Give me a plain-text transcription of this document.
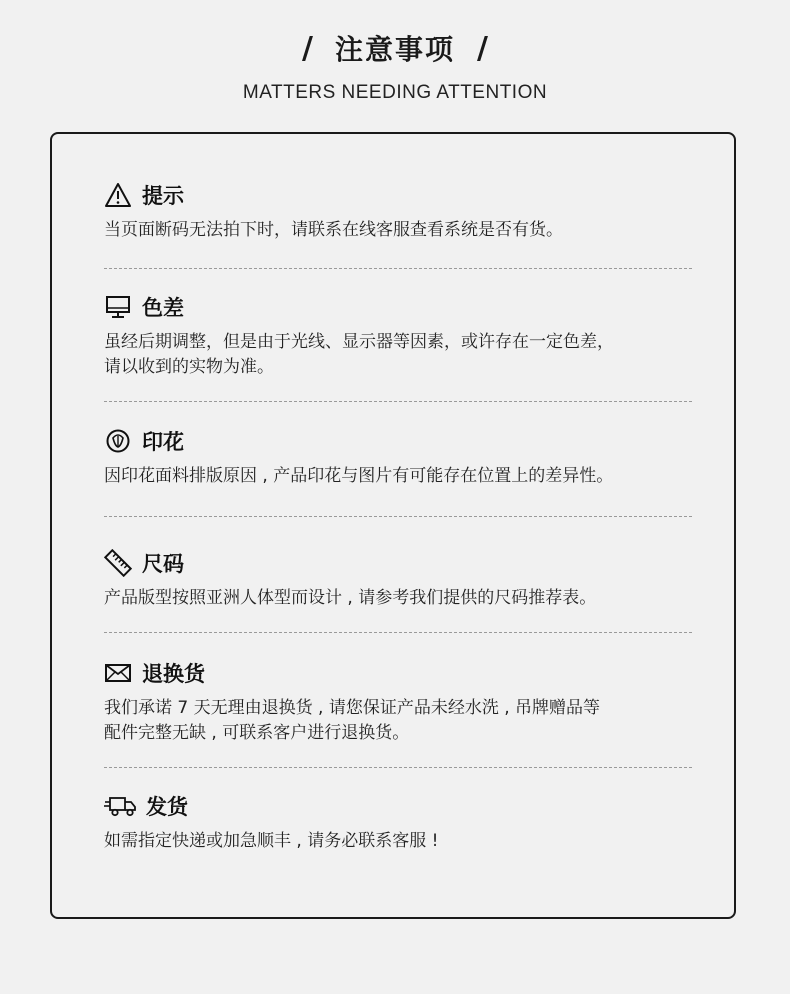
/ 注意事项 /
MATTERS NEEDING ATTENTION
提示
当页面断码无法拍下时，请联系在线客服查看系统是否有货。
色差
虽经后期调整，但是由于光线、显示器等因素，或许存在一定色差，
请以收到的实物为准。
印花
因印花面料排版原因 , 产品印花与图片有可能存在位置上的差异性。
尺码
产品版型按照亚洲人体型而设计 , 请参考我们提供的尺码推荐表。
退换货
我们承诺 7 天无理由退换货 , 请您保证产品未经水洗 , 吊牌赠品等
配件完整无缺 , 可联系客户进行退换货。
发货
如需指定快递或加急顺丰 , 请务必联系客服 !
